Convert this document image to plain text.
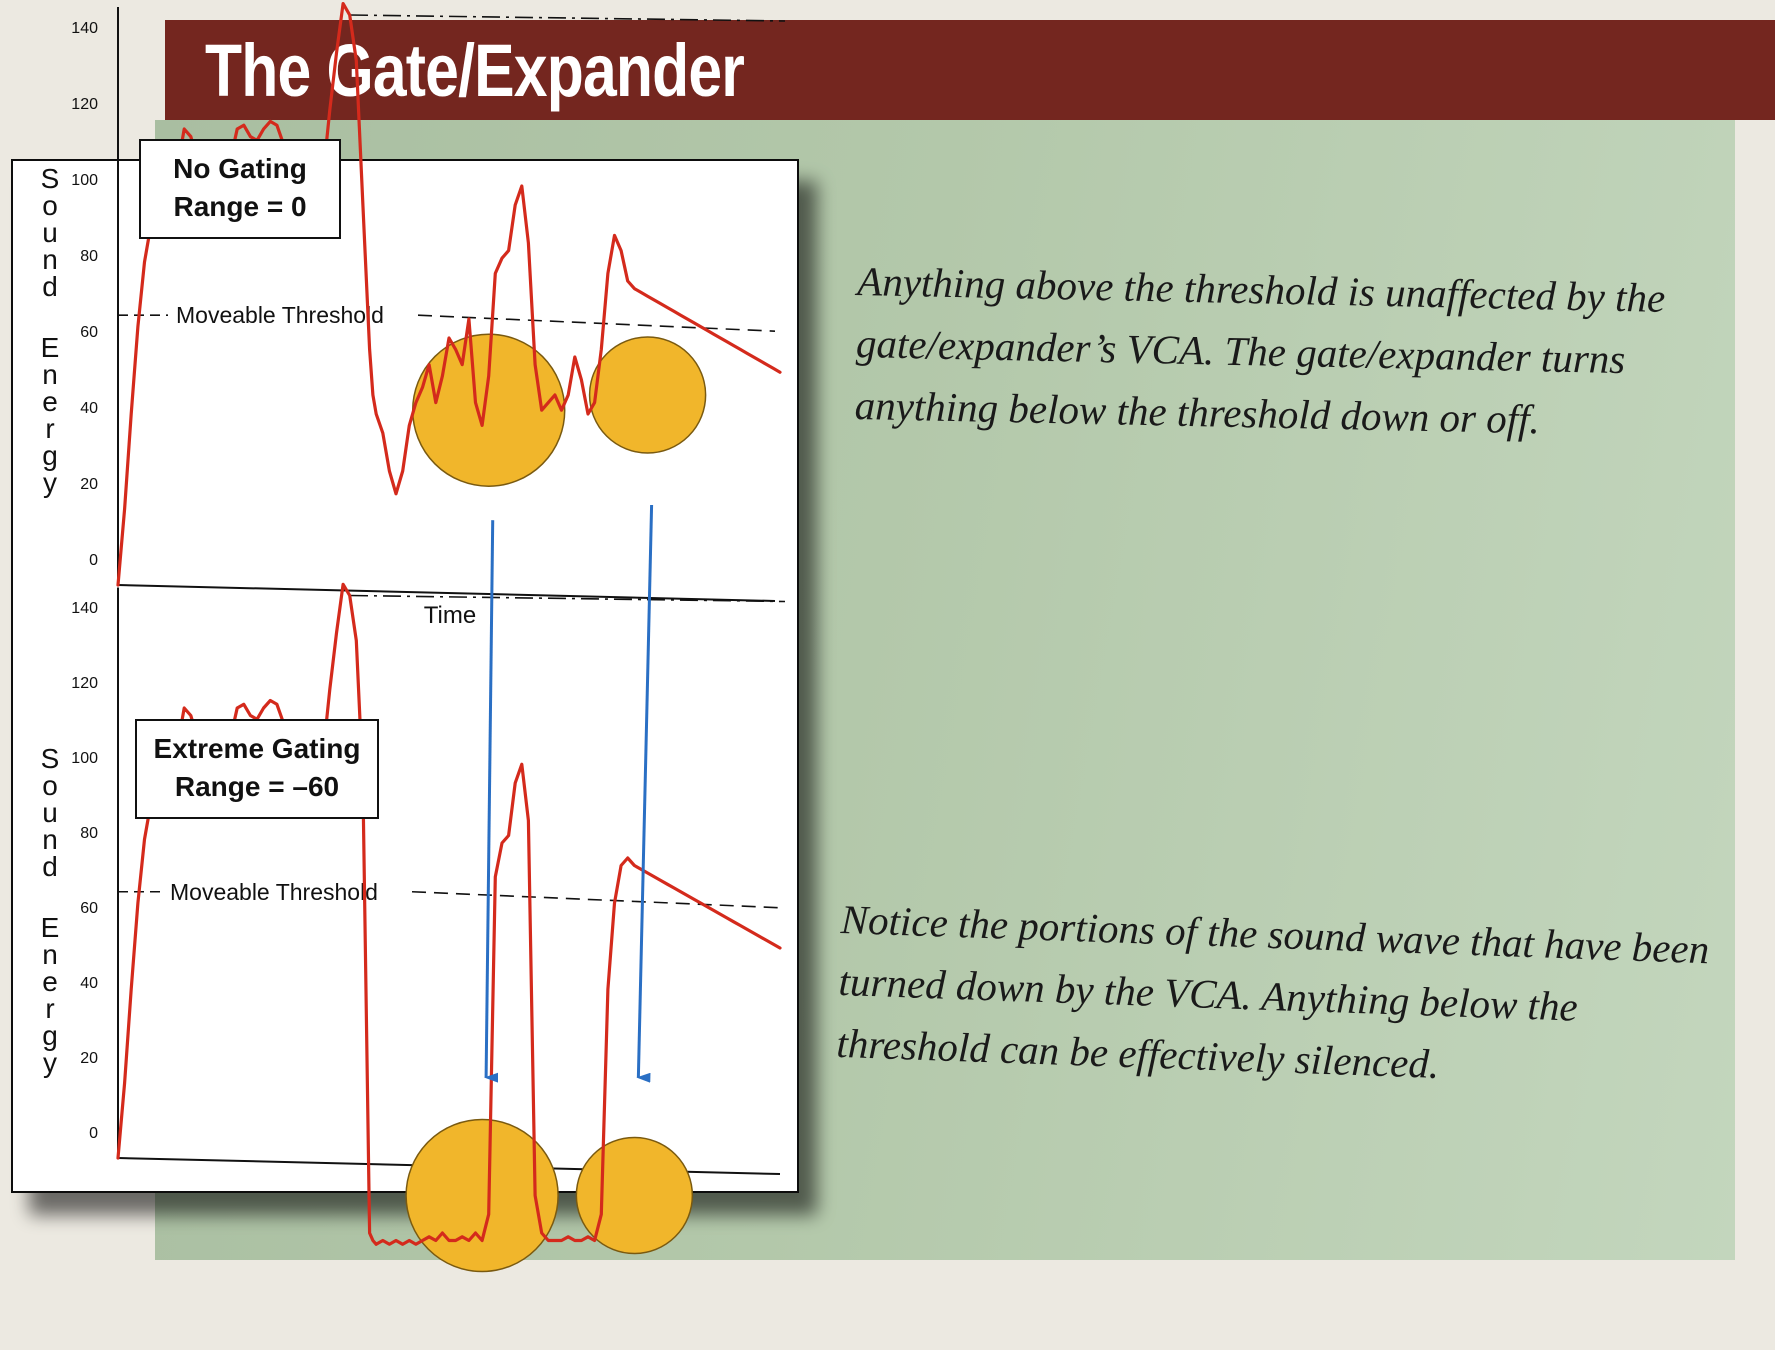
The Gate/Expander
S
o
u
n
d
E
n
e
r
g
y
0
20
40
60
80
100
120
140
Time
Moveable Threshold
No Gating
Range = 0
S
o
u
n
d
E
n
e
r
g
y
0
20
40
60
80
100
120
140
Moveable Threshold
Extreme Gating
Range = –60

Anything above the threshold is unaffected by the gate/expander’s VCA. The gate/expander turns anything below the threshold down or off.

Notice the portions of the sound wave that have been turned down by the VCA. Anything below the threshold can be effectively silenced.
